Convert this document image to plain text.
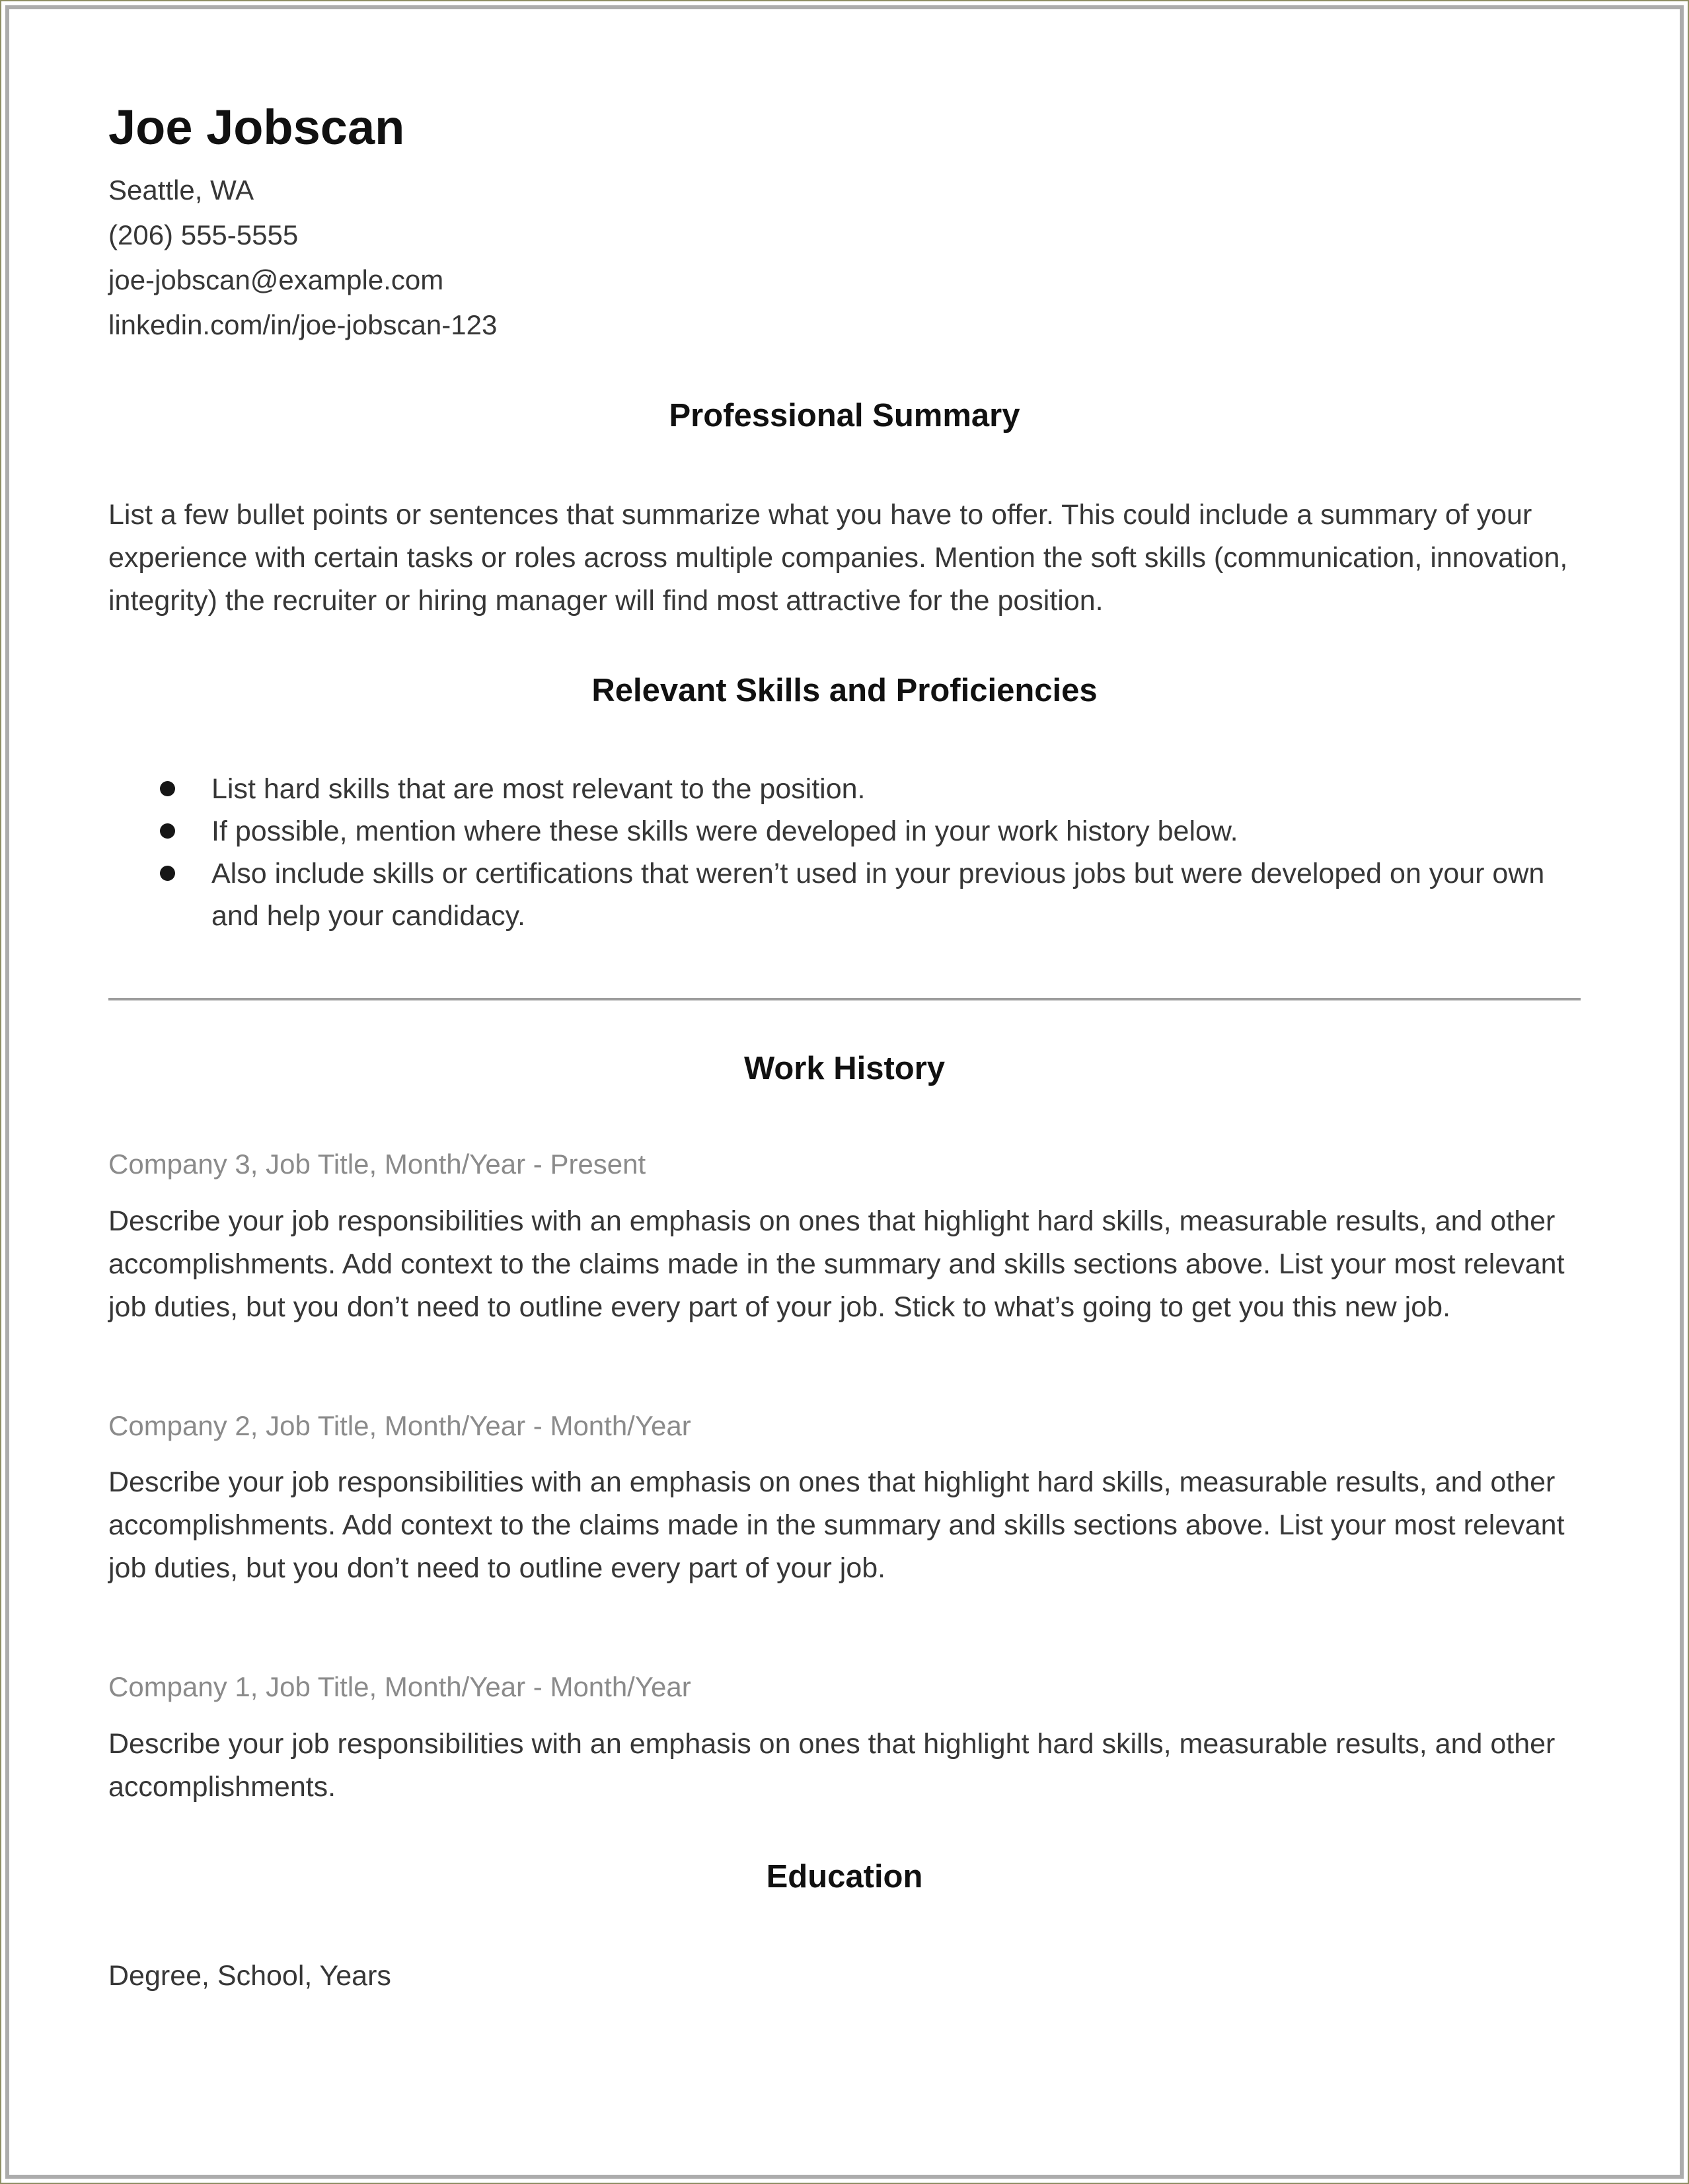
Joe Jobscan

Seattle, WA

(206) 555-5555

joe-jobscan@example.com

linkedin.com/in/joe-jobscan-123

Professional Summary

List a few bullet points or sentences that summarize what you have to offer. This could include a summary of your experience with certain tasks or roles across multiple companies. Mention the soft skills (communication, innovation, integrity) the recruiter or hiring manager will find most attractive for the position.

Relevant Skills and Proficiencies
List hard skills that are most relevant to the position.
If possible, mention where these skills were developed in your work history below.
Also include skills or certifications that weren’t used in your previous jobs but were developed on your own and help your candidacy.
Work History
Company 3, Job Title, Month/Year - Present

Describe your job responsibilities with an emphasis on ones that highlight hard skills, measurable results, and other accomplishments. Add context to the claims made in the summary and skills sections above. List your most relevant job duties, but you don’t need to outline every part of your job. Stick to what’s going to get you this new job.

Company 2, Job Title, Month/Year - Month/Year

Describe your job responsibilities with an emphasis on ones that highlight hard skills, measurable results, and other accomplishments. Add context to the claims made in the summary and skills sections above. List your most relevant job duties, but you don’t need to outline every part of your job.

Company 1, Job Title, Month/Year - Month/Year

Describe your job responsibilities with an emphasis on ones that highlight hard skills, measurable results, and other accomplishments.

Education

Degree, School, Years
